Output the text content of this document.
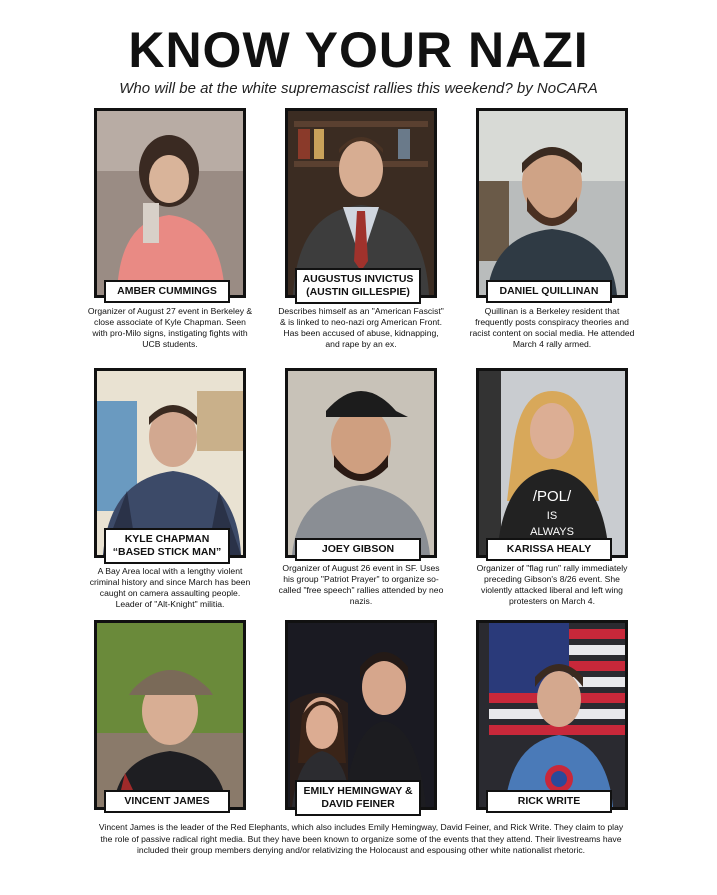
KNOW YOUR NAZI
Who will be at the white supremascist rallies this weekend? by NoCARA
AMBER CUMMINGS
Organizer of August 27 event in Berkeley & close associate of Kyle Chapman. Seen with pro-Milo signs, instigating fights with UCB students.
AUGUSTUS INVICTUS (AUSTIN GILLESPIE)
Describes himself as an "American Fascist" & is linked to neo-nazi org American Front. Has been accused of abuse, kidnapping, and rape by an ex.
DANIEL QUILLINAN
Quillinan is a Berkeley resident that frequently posts conspiracy theories and racist content on social media. He attended March 4 rally armed.
KYLE CHAPMAN “BASED STICK MAN”
A Bay Area local with a lengthy violent criminal history and since March has been caught on camera assaulting people. Leader of "Alt-Knight" militia.
JOEY GIBSON
Organizer of August 26 event in SF. Uses his group "Patriot Prayer" to organize so-called "free speech" rallies attended by neo nazis.
/POL/
IS
ALWAYS
KARISSA HEALY
Organizer of "flag run" rally immediately preceding Gibson's 8/26 event. She violently attacked liberal and left wing protesters on March 4.
VINCENT JAMES
EMILY HEMINGWAY & DAVID FEINER	RICK WRITE
Vincent James is the leader of the Red Elephants, which also includes Emily Hemingway, David Feiner, and Rick Write. They claim to play the role of passive radical right media. But they have been known to organize some of the events that they attend. Their livestreams have included their group members denying and/or relativizing the Holocaust and espousing other white nationalist rhetoric.
